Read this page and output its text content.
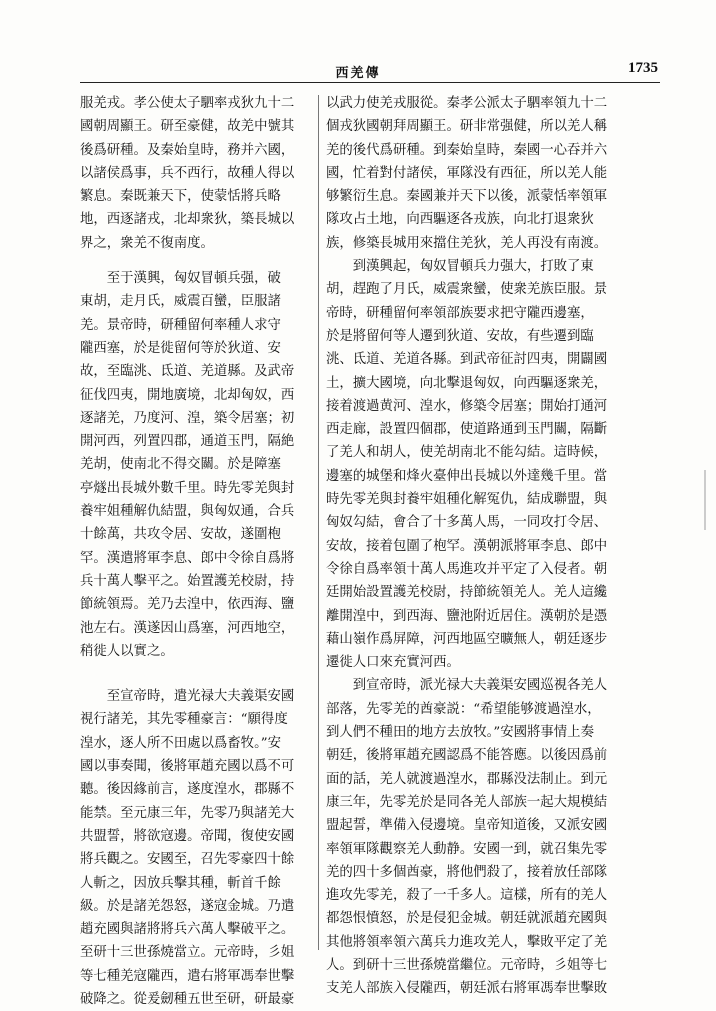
西羌傳	1735

服羌戎。孝公使太子駟率戎狄九十二

國朝周顯王。研至豪健，故羌中號其

後爲研種。及秦始皇時，務并六國，

以諸侯爲事，兵不西行，故種人得以

繁息。秦既兼天下，使蒙恬將兵略

地，西逐諸戎，北却衆狄，築長城以

界之，衆羌不復南度。

　　至于漢興，匈奴冒頓兵强，破

東胡，走月氏，威震百蠻，臣服諸

羌。景帝時，研種留何率種人求守

隴西塞，於是徙留何等於狄道、安

故，至臨洮、氐道、羌道縣。及武帝

征伐四夷，開地廣境，北却匈奴，西

逐諸羌，乃度河、湟，築令居塞；初

開河西，列置四郡，通道玉門，隔絶

羌胡，使南北不得交關。於是障塞

亭燧出長城外數千里。時先零羌與封

養牢姐種解仇結盟，與匈奴通，合兵

十餘萬，共攻令居、安故，遂圍枹

罕。漢遣將軍李息、郎中令徐自爲將

兵十萬人擊平之。始置護羌校尉，持

節統領焉。羌乃去湟中，依西海、鹽

池左右。漢遂因山爲塞，河西地空，

稍徙人以實之。

　　至宣帝時，遣光禄大夫義渠安國

視行諸羌，其先零種豪言：“願得度

湟水，逐人所不田處以爲畜牧。”安

國以事奏聞，後將軍趙充國以爲不可

聽。後因緣前言，遂度湟水，郡縣不

能禁。至元康三年，先零乃與諸羌大

共盟誓，將欲寇邊。帝聞，復使安國

將兵觀之。安國至，召先零豪四十餘

人斬之，因放兵擊其種，斬首千餘

級。於是諸羌怨怒，遂寇金城。乃遣

趙充國與諸將將兵六萬人擊破平之。

至研十三世孫燒當立。元帝時，彡姐

等七種羌寇隴西，遣右將軍馮奉世擊

破降之。從爰劒種五世至研，研最豪

以武力使羌戎服從。秦孝公派太子駟率領九十二

個戎狄國朝拜周顯王。研非常强健，所以羌人稱

羌的後代爲研種。到秦始皇時，秦國一心吞并六

國，忙着對付諸侯，軍隊没有西征，所以羌人能

够繁衍生息。秦國兼并天下以後，派蒙恬率領軍

隊攻占土地，向西驅逐各戎族，向北打退衆狄

族，修築長城用來擋住羌狄，羌人再没有南渡。

　　到漢興起，匈奴冒頓兵力强大，打敗了東

胡，趕跑了月氏，威震衆蠻，使衆羌族臣服。景

帝時，研種留何率領部族要求把守隴西邊塞，

於是將留何等人遷到狄道、安故，有些遷到臨

洮、氐道、羌道各縣。到武帝征討四夷，開闢國

土，擴大國境，向北擊退匈奴，向西驅逐衆羌，

接着渡過黄河、湟水，修築令居塞；開始打通河

西走廊，設置四個郡，使道路通到玉門關，隔斷

了羌人和胡人，使羌胡南北不能勾結。這時候，

邊塞的城堡和烽火臺伸出長城以外達幾千里。當

時先零羌與封養牢姐種化解冤仇，結成聯盟，與

匈奴勾結，會合了十多萬人馬，一同攻打令居、

安故，接着包圍了枹罕。漢朝派將軍李息、郎中

令徐自爲率領十萬人馬進攻并平定了入侵者。朝

廷開始設置護羌校尉，持節統領羌人。羌人這纔

離開湟中，到西海、鹽池附近居住。漢朝於是憑

藉山嶺作爲屏障，河西地區空曠無人，朝廷逐步

遷徙人口來充實河西。

　　到宣帝時，派光禄大夫義渠安國巡視各羌人

部落，先零羌的酋豪説：“希望能够渡過湟水，

到人們不種田的地方去放牧。”安國將事情上奏

朝廷，後將軍趙充國認爲不能答應。以後因爲前

面的話，羌人就渡過湟水，郡縣没法制止。到元

康三年，先零羌於是同各羌人部族一起大規模結

盟起誓，準備入侵邊境。皇帝知道後，又派安國

率領軍隊觀察羌人動静。安國一到，就召集先零

羌的四十多個酋豪，將他們殺了，接着放任部隊

進攻先零羌，殺了一千多人。這樣，所有的羌人

都怨恨憤怒，於是侵犯金城。朝廷就派趙充國與

其他將領率領六萬兵力進攻羌人，擊敗平定了羌

人。到研十三世孫燒當繼位。元帝時，彡姐等七

支羌人部族入侵隴西，朝廷派右將軍馮奉世擊敗
